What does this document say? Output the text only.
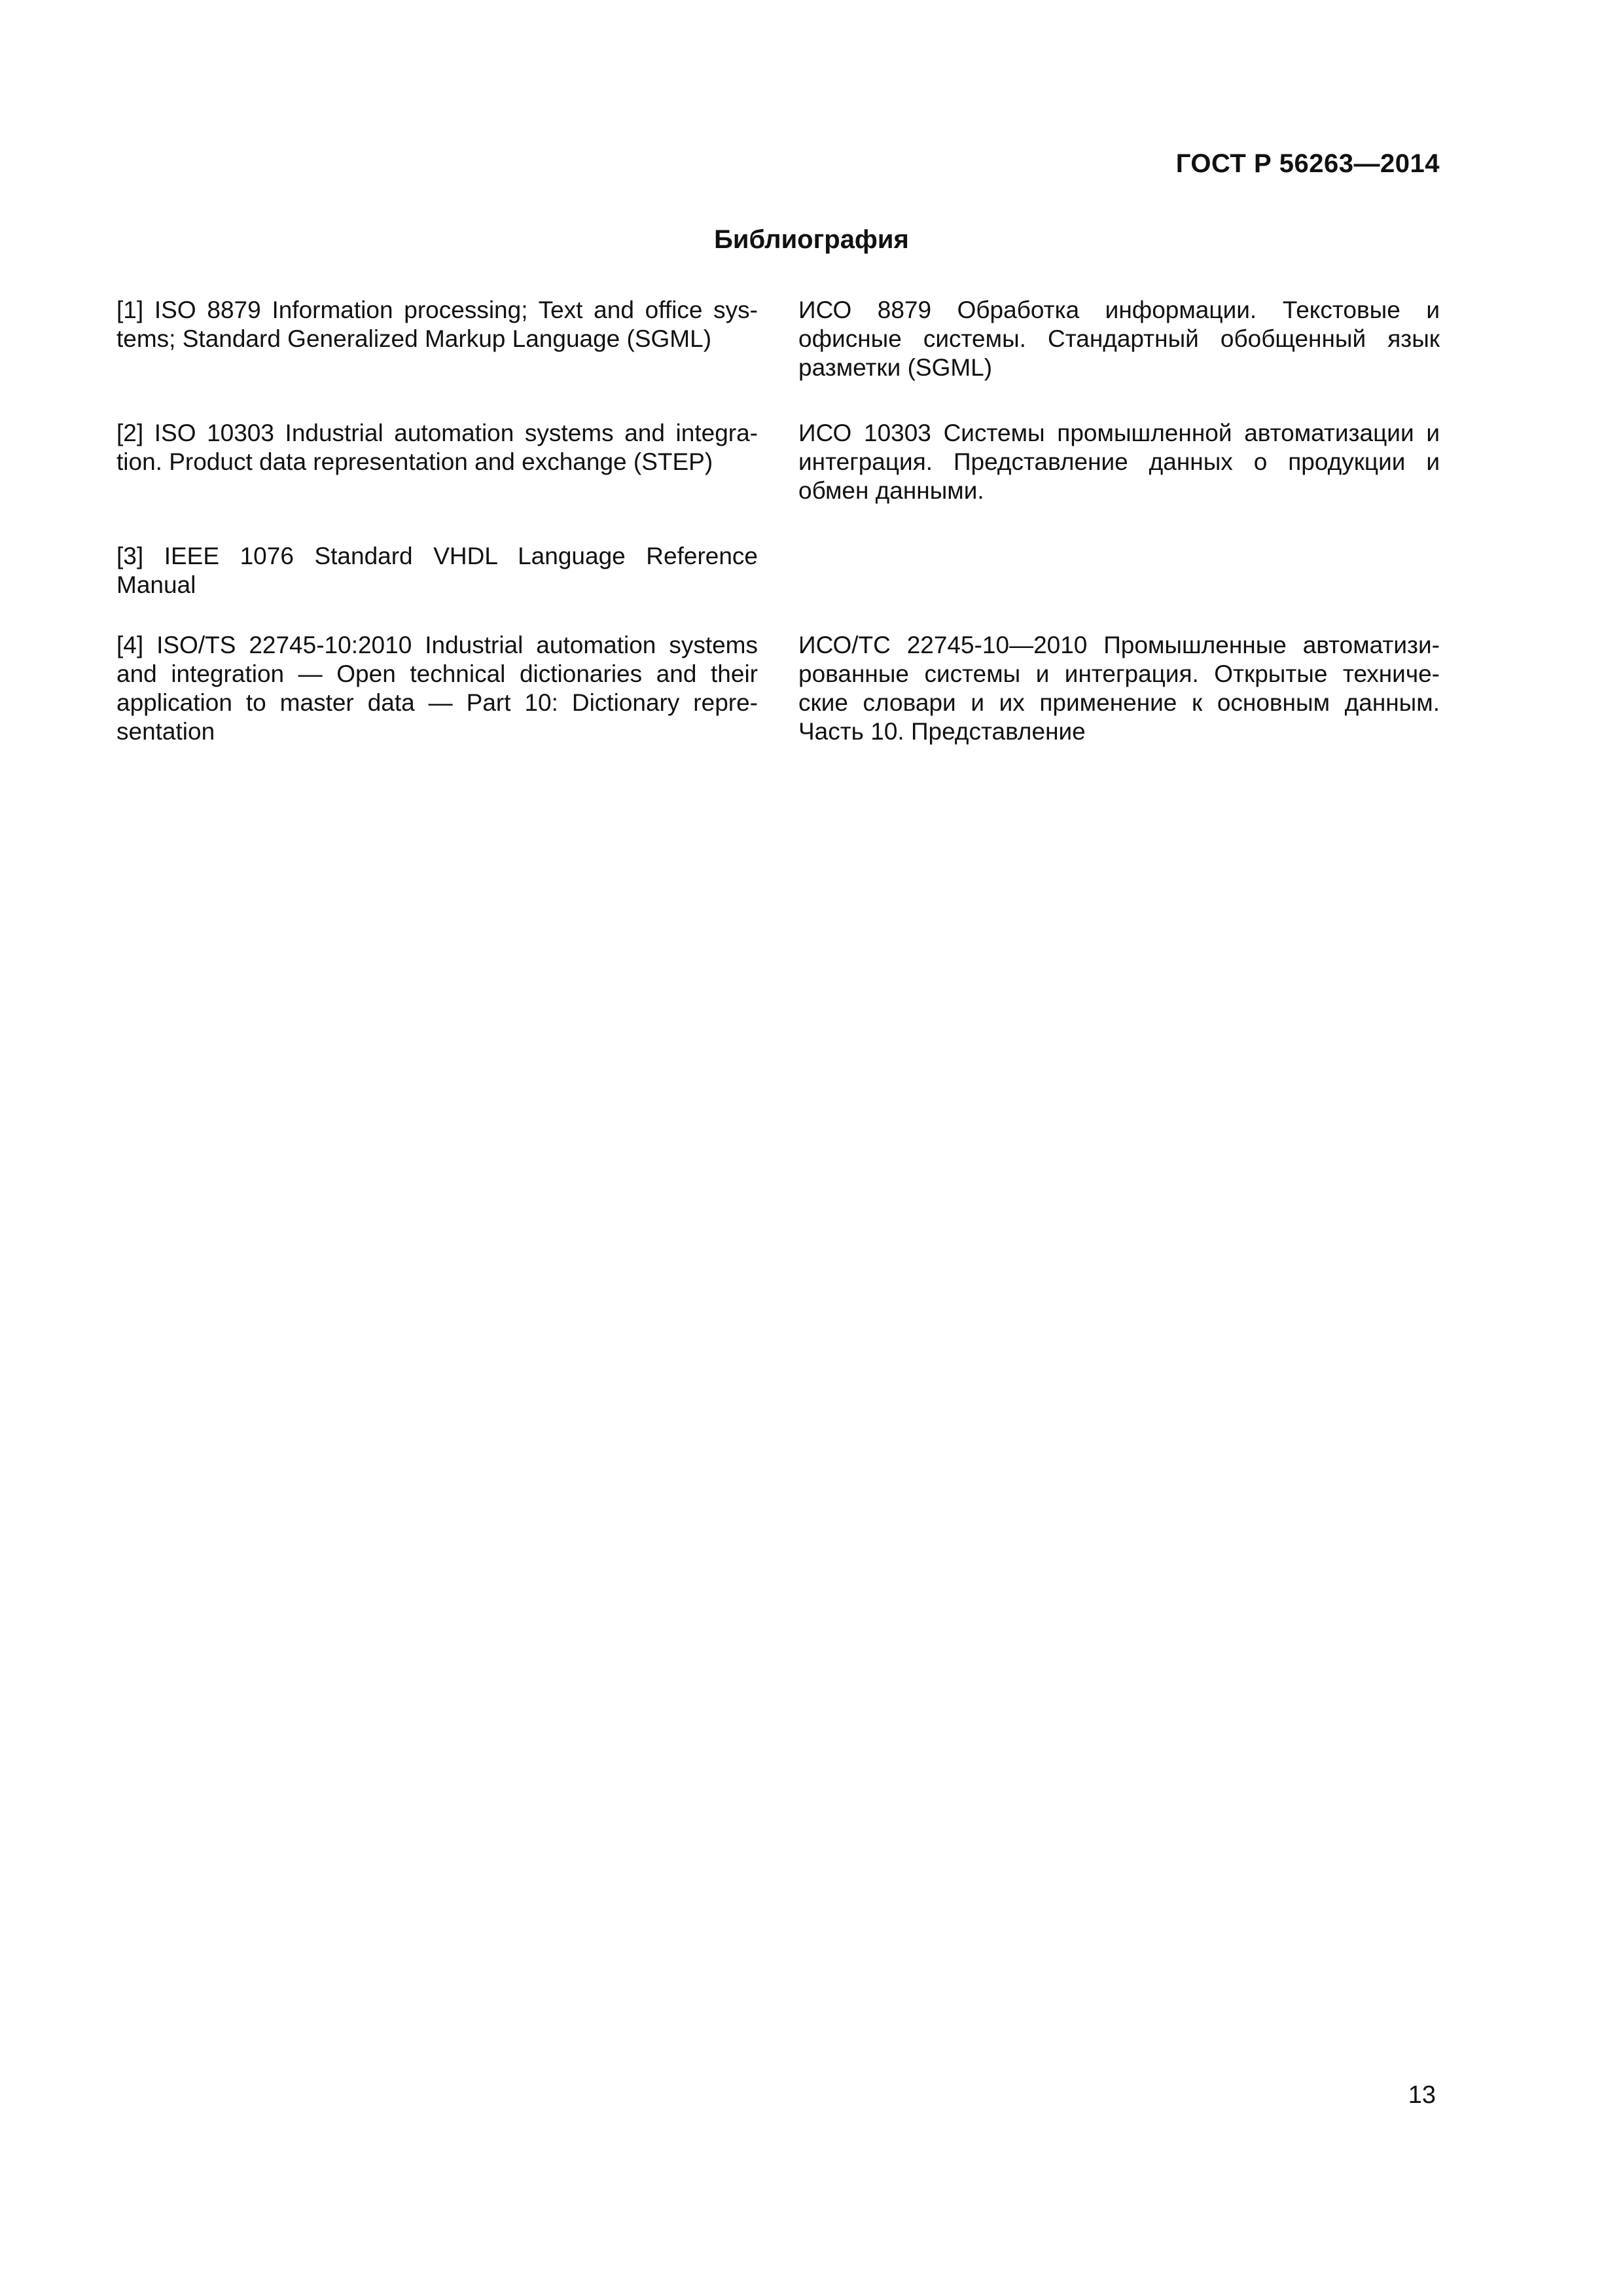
ГОСТ Р 56263—2014
Библиография
[1] ISO 8879 Information processing; Text and office sys-tems; Standard Generalized Markup Language (SGML)
ИСО 8879 Обработка информации. Текстовые и офисные системы. Стандартный обобщенный язык разметки (SGML)
[2] ISO 10303 Industrial automation systems and integra-tion. Product data representation and exchange (STEP)
ИСО 10303 Системы промышленной автоматизации и интеграция. Представление данных о продукции и обмен данными.
[3] IEEE 1076 Standard VHDL Language Reference Manual
[4] ISO/TS 22745-10:2010 Industrial automation systems and integration — Open technical dictionaries and their application to master data — Part 10: Dictionary repre-sentation
ИСО/ТС 22745-10—2010 Промышленные автоматизи-рованные системы и интеграция. Открытые техниче-ские словари и их применение к основным данным. Часть 10. Представление
13
